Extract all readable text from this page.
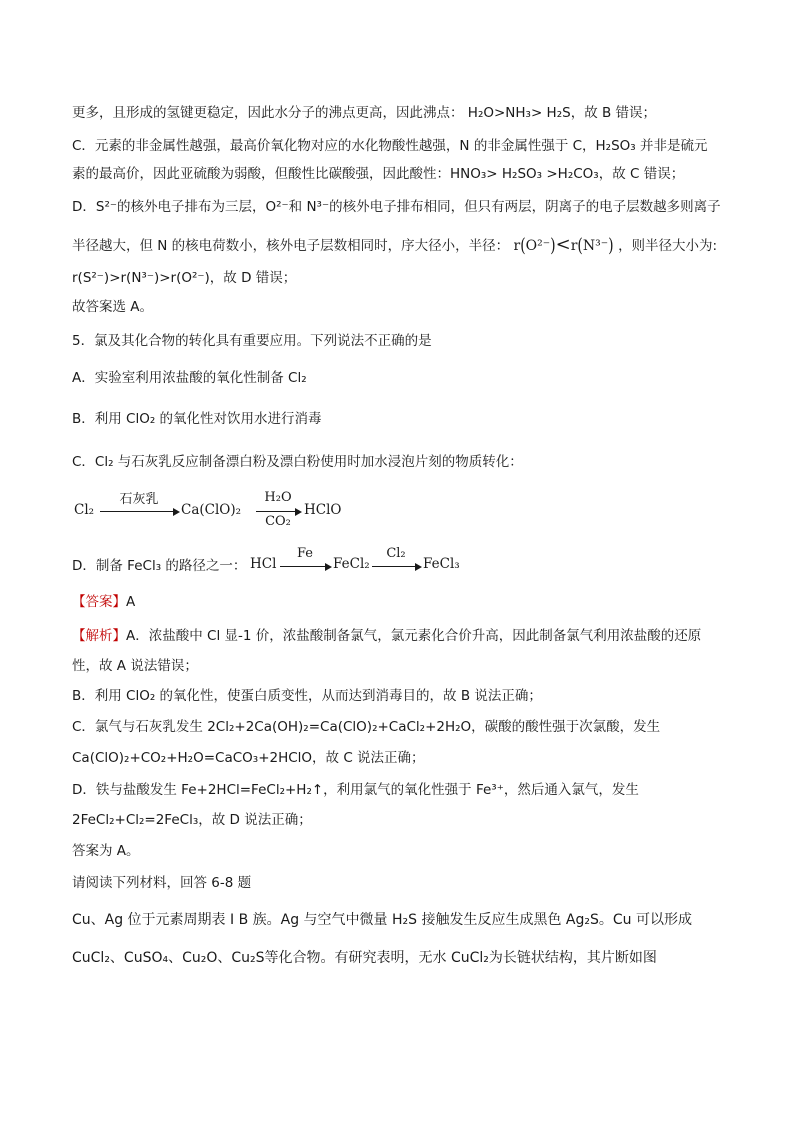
更多，且形成的氢键更稳定，因此水分子的沸点更高，因此沸点： H₂O>NH₃> H₂S，故 B 错误；
C．元素的非金属性越强，最高价氧化物对应的水化物酸性越强，N 的非金属性强于 C，H₂SO₃ 并非是硫元
素的最高价，因此亚硫酸为弱酸，但酸性比碳酸强，因此酸性：HNO₃> H₂SO₃ >H₂CO₃，故 C 错误；
D．S²⁻的核外电子排布为三层，O²⁻和 N³⁻的核外电子排布相同，但只有两层，阴离子的电子层数越多则离子
半径越大，但 N 的核电荷数小，核外电子层数相同时，序大径小，半径： r(O²⁻)<r(N³⁻) ，则半径大小为:
r(S²⁻)>r(N³⁻)>r(O²⁻)，故 D 错误；
故答案选 A。
5．氯及其化合物的转化具有重要应用。下列说法不正确的是
A．实验室利用浓盐酸的氧化性制备 Cl₂
B．利用 ClO₂ 的氧化性对饮用水进行消毒
C．Cl₂ 与石灰乳反应制备漂白粉及漂白粉使用时加水浸泡片刻的物质转化：
Cl₂
石灰乳
Ca(ClO)₂
H₂O
CO₂
HClO
D．制备 FeCl₃ 的路径之一： HCl
Fe
→ FeCl₂
Cl₂
→ FeCl₃
【答案】A
【解析】A．浓盐酸中 Cl 显-1 价，浓盐酸制备氯气，氯元素化合价升高，因此制备氯气利用浓盐酸的还原
性，故 A 说法错误；
B．利用 ClO₂ 的氧化性，使蛋白质变性，从而达到消毒目的，故 B 说法正确；
C．氯气与石灰乳发生 2Cl₂+2Ca(OH)₂=Ca(ClO)₂+CaCl₂+2H₂O，碳酸的酸性强于次氯酸，发生
Ca(ClO)₂+CO₂+H₂O=CaCO₃+2HClO，故 C 说法正确；
D．铁与盐酸发生 Fe+2HCl=FeCl₂+H₂↑，利用氯气的氧化性强于 Fe³⁺，然后通入氯气，发生
2FeCl₂+Cl₂=2FeCl₃，故 D 说法正确；
答案为 A。
请阅读下列材料，回答 6-8 题
Cu、Ag 位于元素周期表 I B 族。Ag 与空气中微量 H₂S 接触发生反应生成黑色 Ag₂S。Cu 可以形成
CuCl₂、CuSO₄、Cu₂O、Cu₂S等化合物。有研究表明，无水 CuCl₂为长链状结构，其片断如图
